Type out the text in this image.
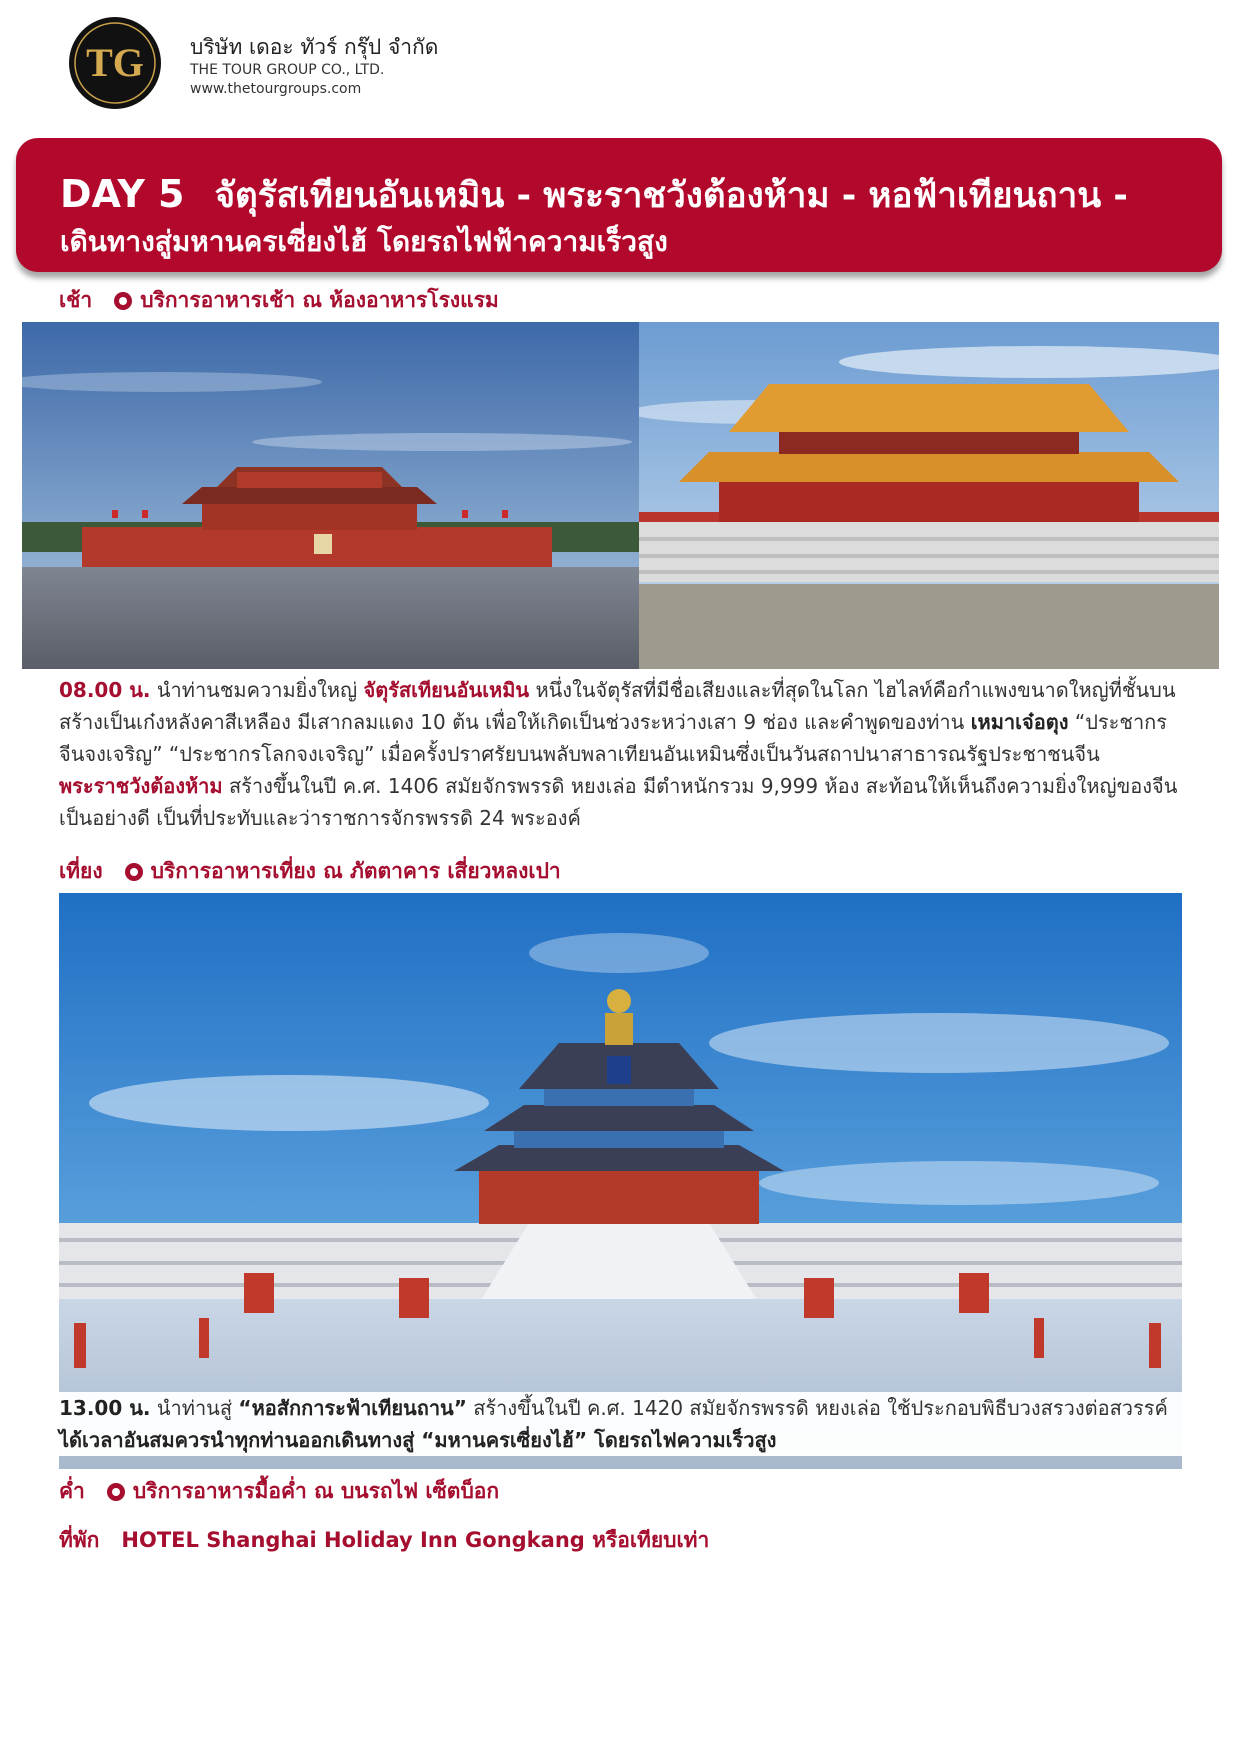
TG บริษัท เดอะ ทัวร์ กรุ๊ป จำกัด
THE TOUR GROUP CO., LTD.
www.thetourgroups.com
DAY 5 จัตุรัสเทียนอันเหมิน - พระราชวังต้องห้าม - หอฟ้าเทียนถาน -
เดินทางสู่มหานครเซี่ยงไฮ้ โดยรถไฟฟ้าความเร็วสูง
เช้า บริการอาหารเช้า ณ ห้องอาหารโรงแรม
08.00 น. นำท่านชมความยิ่งใหญ่ จัตุรัสเทียนอันเหมิน หนึ่งในจัตุรัสที่มีชื่อเสียงและที่สุดในโลก ไฮไลท์คือกำแพงขนาดใหญ่ที่ชั้นบนสร้างเป็นเก๋งหลังคาสีเหลือง มีเสากลมแดง 10 ต้น เพื่อให้เกิดเป็นช่วงระหว่างเสา 9 ช่อง และคำพูดของท่าน เหมาเจ๋อตุง “ประชากรจีนจงเจริญ” “ประชากรโลกจงเจริญ” เมื่อครั้งปราศรัยบนพลับพลาเทียนอันเหมินซึ่งเป็นวันสถาปนาสาธารณรัฐประชาชนจีน พระราชวังต้องห้าม สร้างขึ้นในปี ค.ศ. 1406 สมัยจักรพรรดิ หยงเล่อ มีตำหนักรวม 9,999 ห้อง สะท้อนให้เห็นถึงความยิ่งใหญ่ของจีนเป็นอย่างดี เป็นที่ประทับและว่าราชการจักรพรรดิ 24 พระองค์
เที่ยง บริการอาหารเที่ยง ณ ภัตตาคาร เสี่ยวหลงเปา
13.00 น. นำท่านสู่ “หอสักการะฟ้าเทียนถาน” สร้างขึ้นในปี ค.ศ. 1420 สมัยจักรพรรดิ หยงเล่อ ใช้ประกอบพิธีบวงสรวงต่อสวรรค์ ได้เวลาอันสมควรนำทุกท่านออกเดินทางสู่ “มหานครเซี่ยงไฮ้” โดยรถไฟความเร็วสูง
ค่ำ บริการอาหารมื้อค่ำ ณ บนรถไฟ เซ็ตบ็อก
ที่พัก HOTEL Shanghai Holiday Inn Gongkang หรือเทียบเท่า
